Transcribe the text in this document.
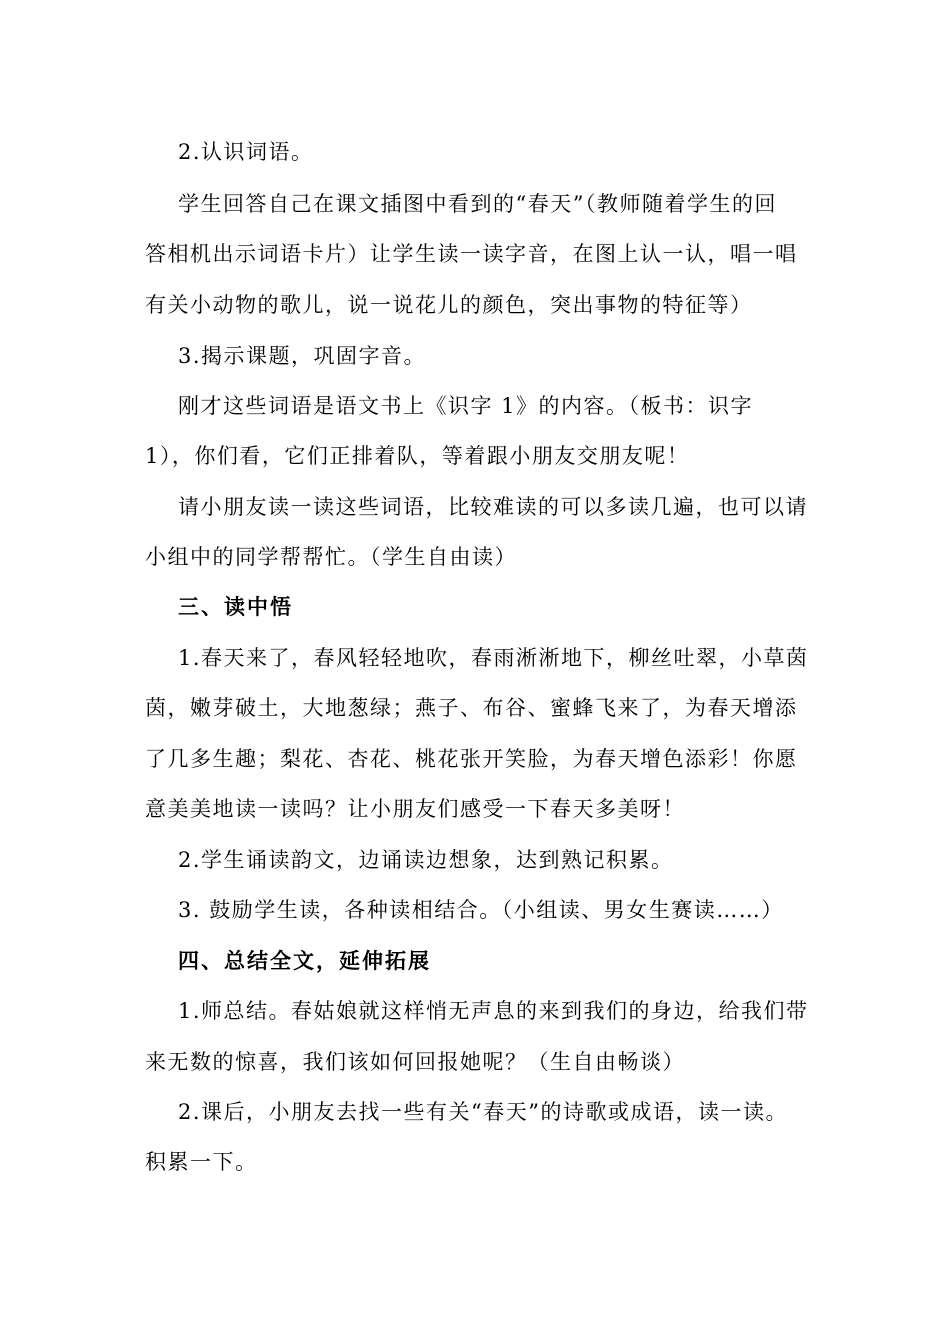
2.认识词语。
学生回答自己在课文插图中看到的“春天”（教师随着学生的回
答相机出示词语卡片）让学生读一读字音，在图上认一认，唱一唱
有关小动物的歌儿，说一说花儿的颜色，突出事物的特征等）
3.揭示课题，巩固字音。
刚才这些词语是语文书上《识字 1》的内容。（板书：识字
1），你们看，它们正排着队，等着跟小朋友交朋友呢！
请小朋友读一读这些词语，比较难读的可以多读几遍，也可以请
小组中的同学帮帮忙。（学生自由读）
三、读中悟
1.春天来了，春风轻轻地吹，春雨淅淅地下，柳丝吐翠，小草茵
茵，嫩芽破土，大地葱绿；燕子、布谷、蜜蜂飞来了，为春天增添
了几多生趣；梨花、杏花、桃花张开笑脸，为春天增色添彩！你愿
意美美地读一读吗？让小朋友们感受一下春天多美呀！
2.学生诵读韵文，边诵读边想象，达到熟记积累。
3. 鼓励学生读，各种读相结合。（小组读、男女生赛读……）
四、总结全文，延伸拓展
1.师总结。春姑娘就这样悄无声息的来到我们的身边，给我们带
来无数的惊喜，我们该如何回报她呢？（生自由畅谈）
2.课后，小朋友去找一些有关“春天”的诗歌或成语，读一读。
积累一下。
